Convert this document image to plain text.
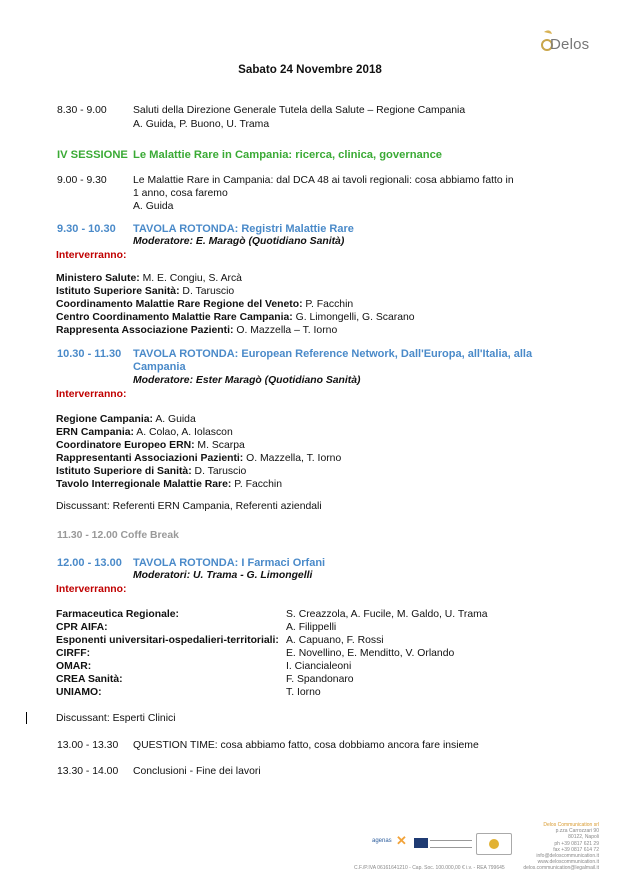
Delos
Sabato 24 Novembre 2018
8.30 - 9.00	Saluti della Direzione Generale Tutela della Salute – Regione Campania
A. Guida, P. Buono, U. Trama
IV SESSIONE Le Malattie Rare in Campania: ricerca, clinica, governance
9.00 - 9.30	Le Malattie Rare in Campania: dal DCA 48 ai tavoli regionali: cosa abbiamo fatto in
1 anno, cosa faremo
A. Guida
9.30 - 10.30 TAVOLA ROTONDA: Registri Malattie Rare
Moderatore: E. Maragò (Quotidiano Sanità)
Interverranno:
Ministero Salute: M. E. Congiu, S. Arcà
Istituto Superiore Sanità: D. Taruscio
Coordinamento Malattie Rare Regione del Veneto: P. Facchin
Centro Coordinamento Malattie Rare Campania: G. Limongelli, G. Scarano
Rappresenta Associazione Pazienti: O. Mazzella – T. Iorno
10.30 - 11.30 TAVOLA ROTONDA: European Reference Network, Dall'Europa, all'Italia, alla
Campania
Moderatore: Ester Maragò (Quotidiano Sanità)
Interverranno:
Regione Campania: A. Guida
ERN Campania: A. Colao, A. Iolascon
Coordinatore Europeo ERN: M. Scarpa
Rappresentanti Associazioni Pazienti: O. Mazzella, T. Iorno
Istituto Superiore di Sanità: D. Taruscio
Tavolo Interregionale Malattie Rare: P. Facchin
Discussant: Referenti ERN Campania, Referenti aziendali
11.30 - 12.00 Coffe Break
12.00 - 13.00 TAVOLA ROTONDA: I Farmaci Orfani
Moderatori: U. Trama - G. Limongelli
Interverranno:
Farmaceutica Regionale:	S. Creazzola, A. Fucile, M. Galdo, U. Trama
CPR AIFA:	A. Filippelli
Esponenti universitari-ospedalieri-territoriali: A. Capuano, F. Rossi
CIRFF:	E. Novellino, E. Menditto, V. Orlando
OMAR:	I. Ciancialeoni
CREA Sanità:	F. Spandonaro
UNIAMO:	T. Iorno
Discussant: Esperti Clinici
13.00 - 13.30 QUESTION TIME: cosa abbiamo fatto, cosa dobbiamo ancora fare insieme
13.30 - 14.00 Conclusioni - Fine dei lavori
agenas ✕
Delos Communication srl
p.zza Carrozzari 90
80122, Napoli
ph +39 0817 621 29
fax +39 0817 614 72
info@deloscommunication.it
www.deloscommunication.it
delos.communication@legalmail.it
C.F./P.IVA 06161641210 - Cap. Soc. 100.000,00 € i.v. - REA 799645
